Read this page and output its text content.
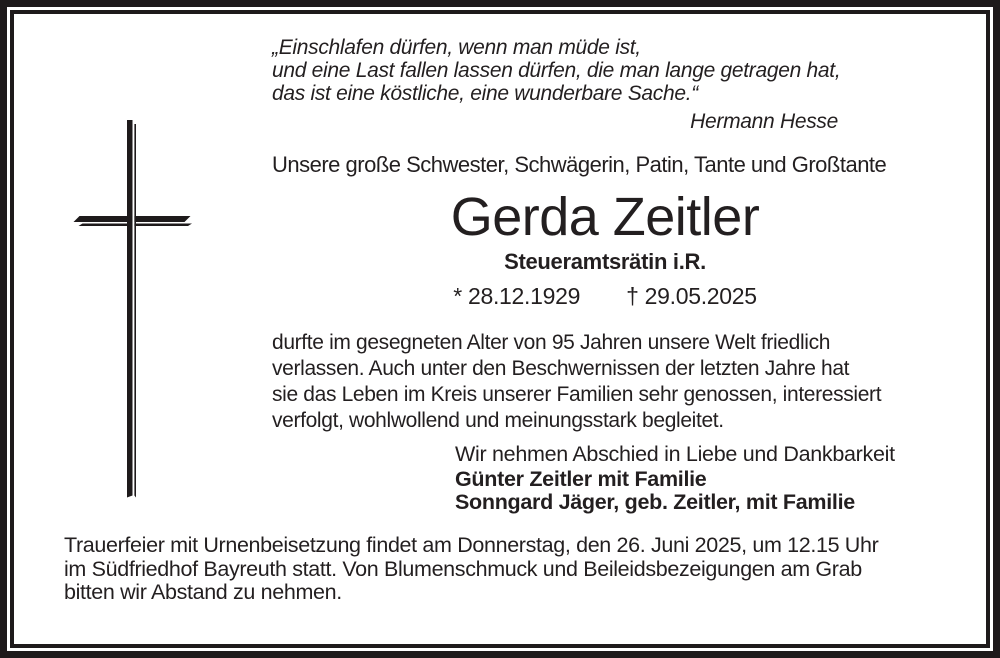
„Einschlafen dürfen, wenn man müde ist,
und eine Last fallen lassen dürfen, die man lange getragen hat,
das ist eine köstliche, eine wunderbare Sache.“
Hermann Hesse
Unsere große Schwester, Schwägerin, Patin, Tante und Großtante
Gerda Zeitler
Steueramtsrätin i.R.
* 28.12.1929 † 29.05.2025
durfte im gesegneten Alter von 95 Jahren unsere Welt friedlich
verlassen. Auch unter den Beschwernissen der letzten Jahre hat
sie das Leben im Kreis unserer Familien sehr genossen, interessiert
verfolgt, wohlwollend und meinungsstark begleitet.
Wir nehmen Abschied in Liebe und Dankbarkeit
Günter Zeitler mit Familie
Sonngard Jäger, geb. Zeitler, mit Familie
Trauerfeier mit Urnenbeisetzung findet am Donnerstag, den 26. Juni 2025, um 12.15 Uhr
im Südfriedhof Bayreuth statt. Von Blumenschmuck und Beileidsbezeigungen am Grab
bitten wir Abstand zu nehmen.
